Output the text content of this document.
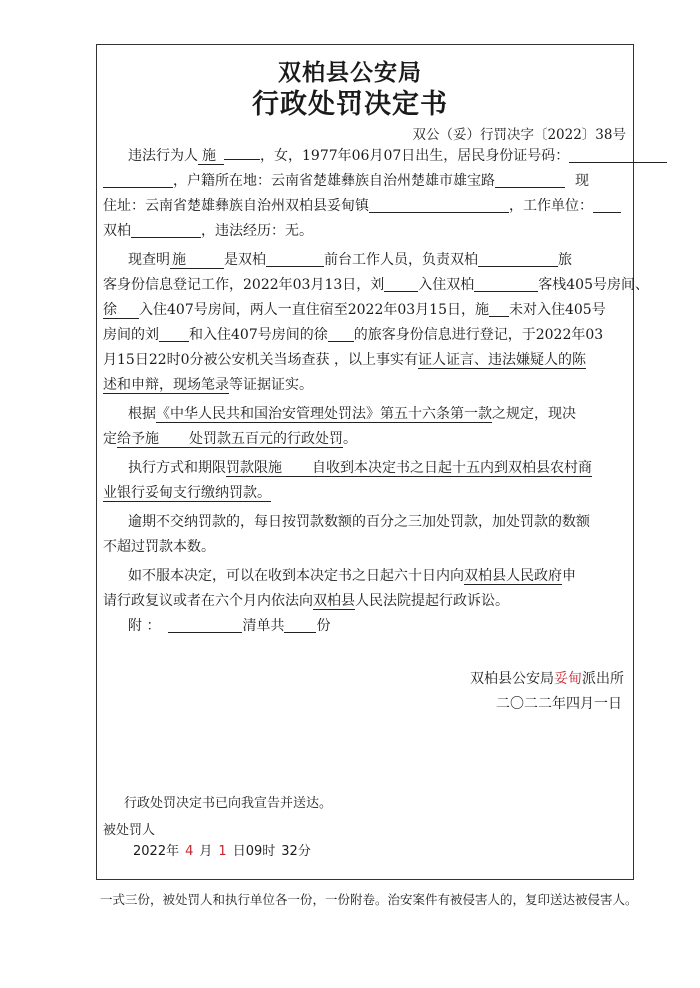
双柏县公安局
行政处罚决定书
双公（妥）行罚决字〔2022〕38号
违法行为人 施	，女，1977年06月07日出生，居民身份证号码：
，户籍所在地：云南省楚雄彝族自治州楚雄市雄宝路	现
住址：云南省楚雄彝族自治州双柏县妥甸镇	，工作单位：
双柏	，违法经历：无。
现查明 施	是双柏	前台工作人员，负责双柏	旅
客身份信息登记工作，2022年03月13日，刘 入住双柏	客栈405号房间、
徐 入住407号房间，两人一直住宿至2022年03月15日，施 未对入住405号
房间的刘 和入住407号房间的徐 的旅客身份信息进行登记，于2022年03
月15日22时0分被公安机关当场查获 ，以上事实有证人证言、违法嫌疑人的陈
述和申辩，现场笔录等证据证实。
根据《中华人民共和国治安管理处罚法》第五十六条第一款之规定，现决
定给予施 处罚款五百元的行政处罚。
执行方式和期限罚款限施 自收到本决定书之日起十五内到双柏县农村商
业银行妥甸支行缴纳罚款。
逾期不交纳罚款的，每日按罚款数额的百分之三加处罚款，加处罚款的数额
不超过罚款本数。
如不服本决定，可以在收到本决定书之日起六十日内向双柏县人民政府申
请行政复议或者在六个月内依法向双柏县人民法院提起行政诉讼。
附 ：	清单共 份
双柏县公安局妥甸派出所
二〇二二年四月一日
行政处罚决定书已向我宣告并送达。
被处罚人
2022年 4 月 1 日09时 32分
一式三份，被处罚人和执行单位各一份，一份附卷。治安案件有被侵害人的，复印送达被侵害人。
